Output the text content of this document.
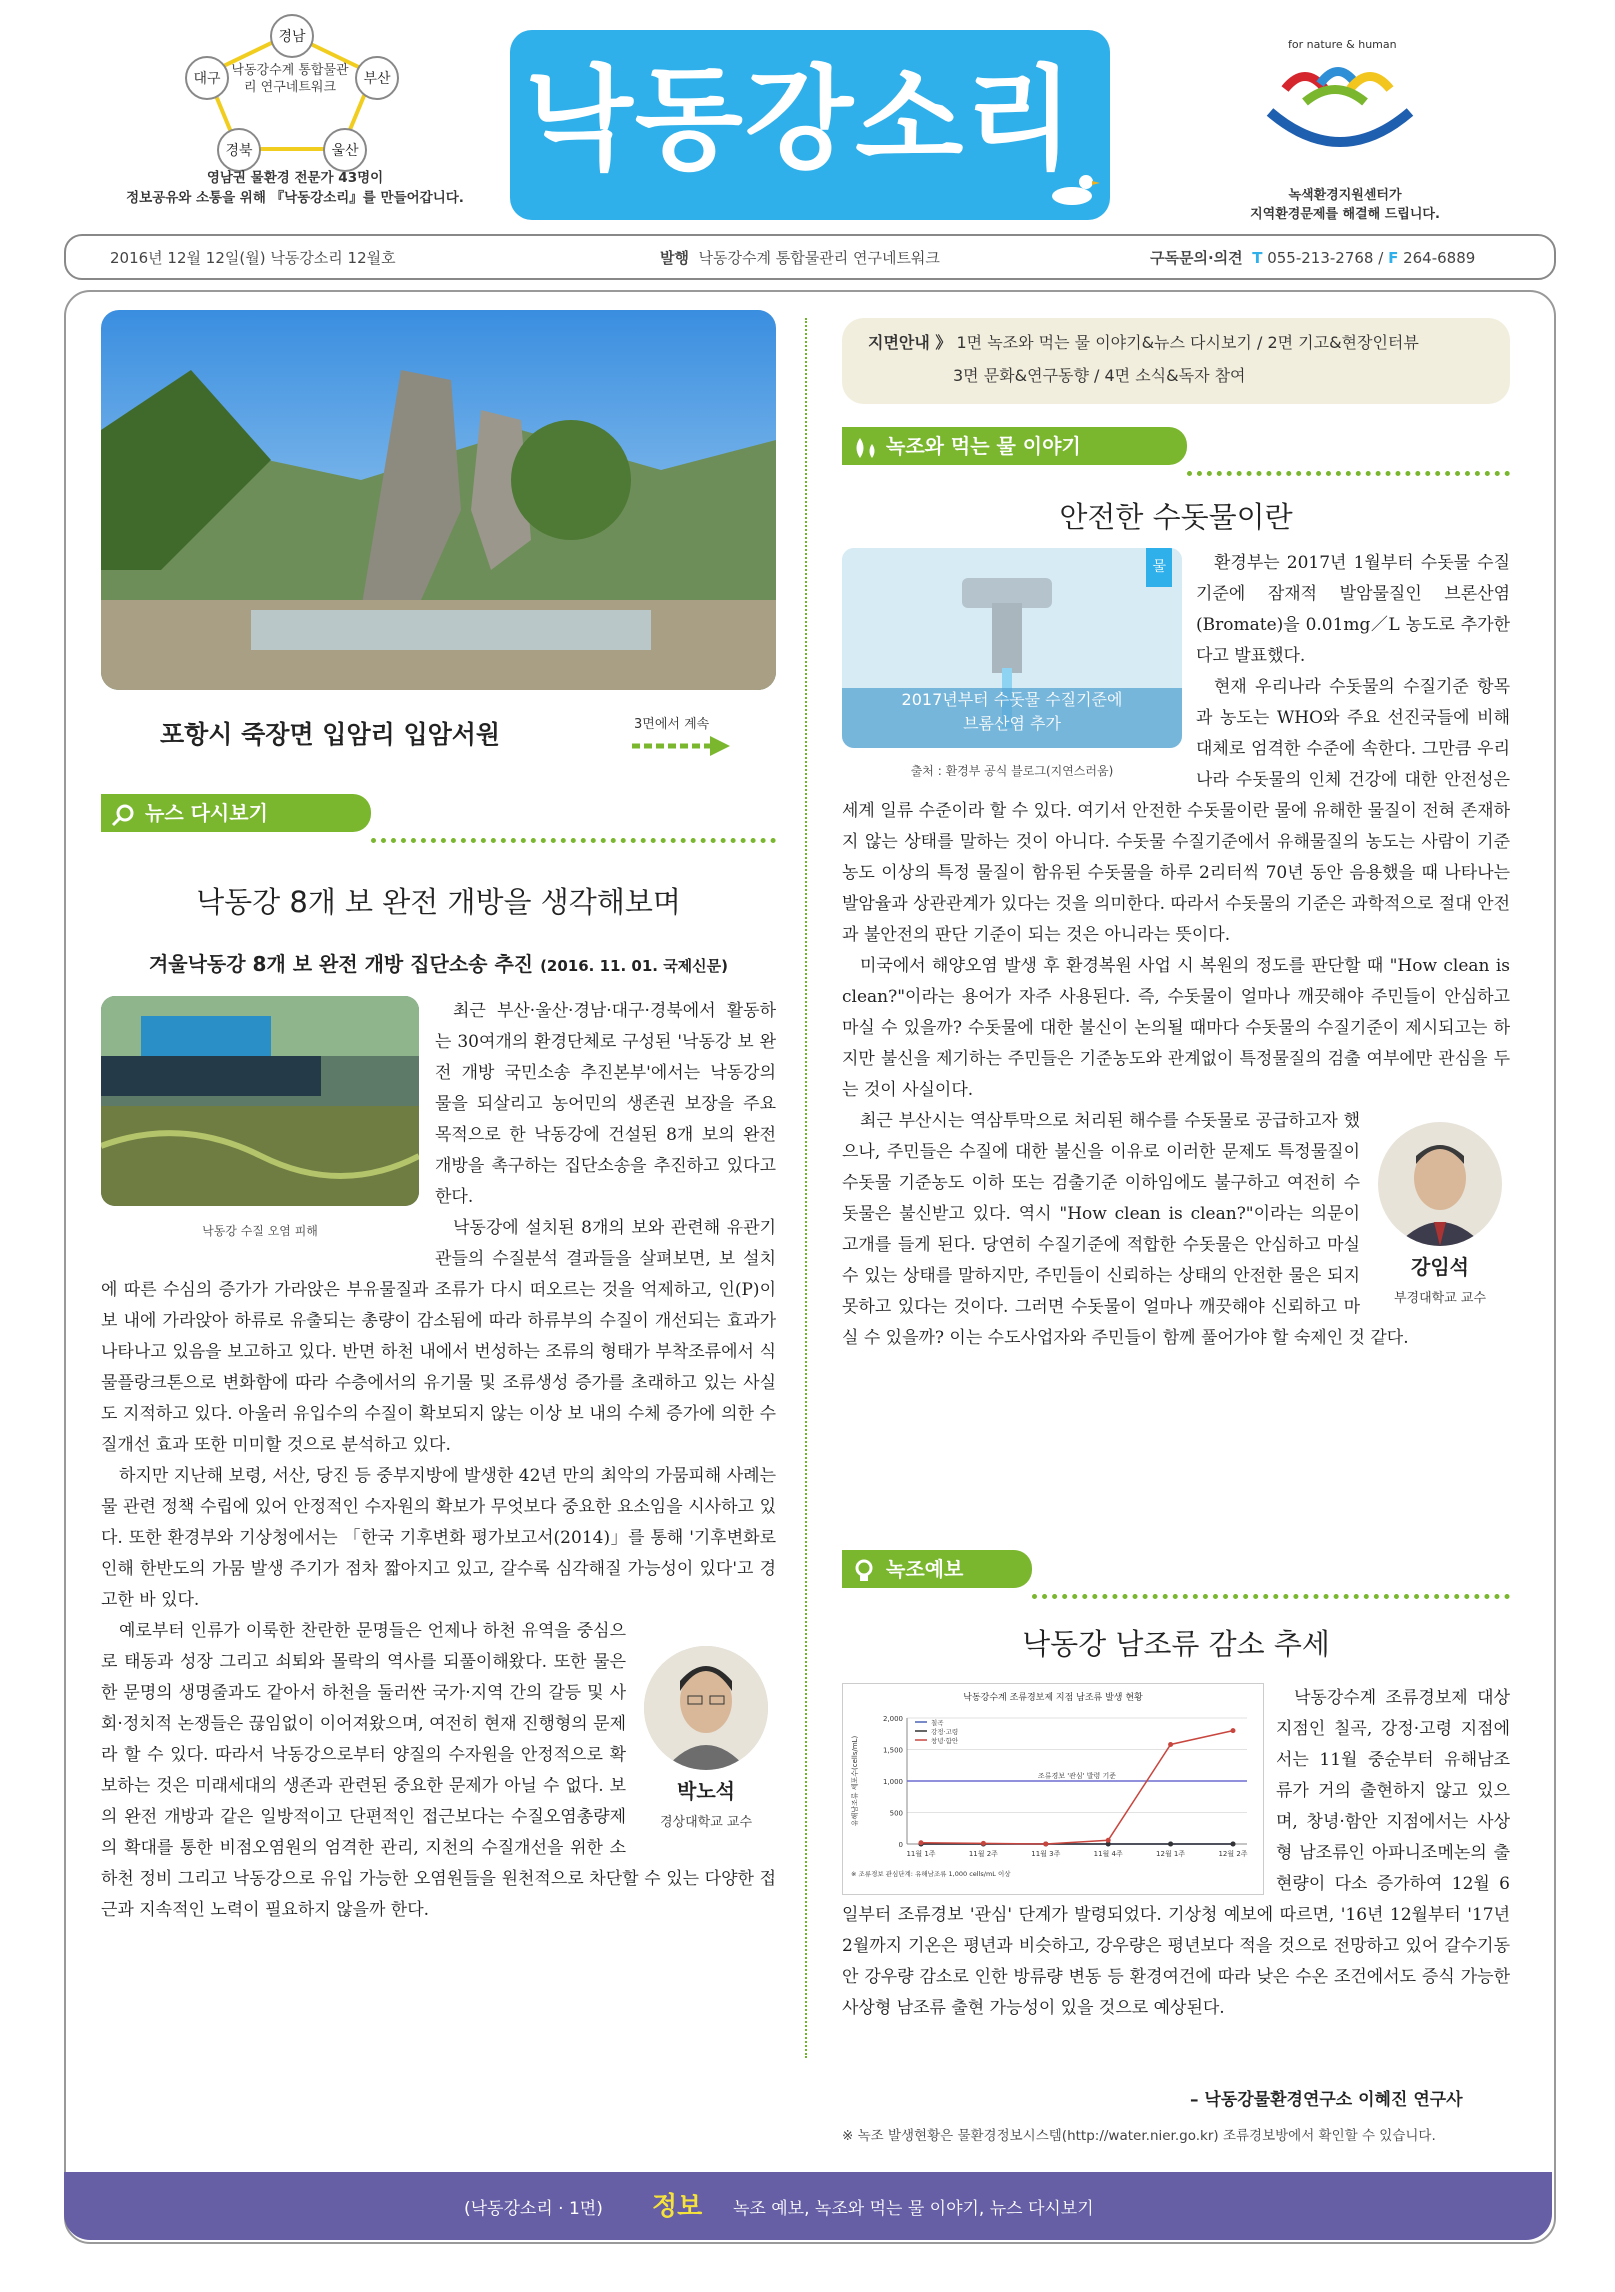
경남
부산
울산
경북
대구
낙동강수계 통합물관리 연구네트워크
영남권 물환경 전문가 43명이
정보공유와 소통을 위해 『낙동강소리』를 만들어갑니다.
낙동강소리
for nature & human
녹색환경지원센터가
지역환경문제를 해결해 드립니다.
2016년 12월 12일(월) 낙동강소리 12월호	발행 낙동강수계 통합물관리 연구네트워크	구독문의·의견 T 055-213-2768 / F 264-6889
포항시 죽장면 입암리 입암서원	3면에서 계속
뉴스 다시보기
낙동강 8개 보 완전 개방을 생각해보며
겨울낙동강 8개 보 완전 개방 집단소송 추진 (2016. 11. 01. 국제신문)
낙동강 수질 오염 피해

최근 부산·울산·경남·대구·경북에서 활동하는 30여개의 환경단체로 구성된 '낙동강 보 완전 개방 국민소송 추진본부'에서는 낙동강의 물을 되살리고 농어민의 생존권 보장을 주요 목적으로 한 낙동강에 건설된 8개 보의 완전 개방을 촉구하는 집단소송을 추진하고 있다고 한다.

낙동강에 설치된 8개의 보와 관련해 유관기관들의 수질분석 결과들을 살펴보면, 보 설치에 따른 수심의 증가가 가라앉은 부유물질과 조류가 다시 떠오르는 것을 억제하고, 인(P)이 보 내에 가라앉아 하류로 유출되는 총량이 감소됨에 따라 하류부의 수질이 개선되는 효과가 나타나고 있음을 보고하고 있다. 반면 하천 내에서 번성하는 조류의 형태가 부착조류에서 식물플랑크톤으로 변화함에 따라 수층에서의 유기물 및 조류생성 증가를 초래하고 있는 사실도 지적하고 있다. 아울러 유입수의 수질이 확보되지 않는 이상 보 내의 수체 증가에 의한 수질개선 효과 또한 미미할 것으로 분석하고 있다.

하지만 지난해 보령, 서산, 당진 등 중부지방에 발생한 42년 만의 최악의 가뭄피해 사례는 물 관련 정책 수립에 있어 안정적인 수자원의 확보가 무엇보다 중요한 요소임을 시사하고 있다. 또한 환경부와 기상청에서는 「한국 기후변화 평가보고서(2014)」를 통해 '기후변화로 인해 한반도의 가뭄 발생 주기가 점차 짧아지고 있고, 갈수록 심각해질 가능성이 있다'고 경고한 바 있다.

박노석
경상대학교 교수

예로부터 인류가 이룩한 찬란한 문명들은 언제나 하천 유역을 중심으로 태동과 성장 그리고 쇠퇴와 몰락의 역사를 되풀이해왔다. 또한 물은 한 문명의 생명줄과도 같아서 하천을 둘러싼 국가·지역 간의 갈등 및 사회·정치적 논쟁들은 끊임없이 이어져왔으며, 여전히 현재 진행형의 문제라 할 수 있다. 따라서 낙동강으로부터 양질의 수자원을 안정적으로 확보하는 것은 미래세대의 생존과 관련된 중요한 문제가 아닐 수 없다. 보의 완전 개방과 같은 일방적이고 단편적인 접근보다는 수질오염총량제의 확대를 통한 비점오염원의 엄격한 관리, 지천의 수질개선을 위한 소하천 정비 그리고 낙동강으로 유입 가능한 오염원들을 원천적으로 차단할 수 있는 다양한 접근과 지속적인 노력이 필요하지 않을까 한다.

지면안내 》 1면 녹조와 먹는 물 이야기&뉴스 다시보기 / 2면 기고&현장인터뷰
3면 문화&연구동향 / 4면 소식&독자 참여
녹조와 먹는 물 이야기
안전한 수돗물이란
물
2017년부터 수돗물 수질기준에
브롬산염 추가
출처 : 환경부 공식 블로그(지연스러움)

환경부는 2017년 1월부터 수돗물 수질기준에 잠재적 발암물질인 브론산염(Bromate)을 0.01mg／L 농도로 추가한다고 발표했다.

현재 우리나라 수돗물의 수질기준 항목과 농도는 WHO와 주요 선진국들에 비해 대체로 엄격한 수준에 속한다. 그만큼 우리나라 수돗물의 인체 건강에 대한 안전성은 세계 일류 수준이라 할 수 있다. 여기서 안전한 수돗물이란 물에 유해한 물질이 전혀 존재하지 않는 상태를 말하는 것이 아니다. 수돗물 수질기준에서 유해물질의 농도는 사람이 기준농도 이상의 특정 물질이 함유된 수돗물을 하루 2리터씩 70년 동안 음용했을 때 나타나는 발암율과 상관관계가 있다는 것을 의미한다. 따라서 수돗물의 기준은 과학적으로 절대 안전과 불안전의 판단 기준이 되는 것은 아니라는 뜻이다.

미국에서 해양오염 발생 후 환경복원 사업 시 복원의 정도를 판단할 때 "How clean is clean?"이라는 용어가 자주 사용된다. 즉, 수돗물이 얼마나 깨끗해야 주민들이 안심하고 마실 수 있을까? 수돗물에 대한 불신이 논의될 때마다 수돗물의 수질기준이 제시되고는 하지만 불신을 제기하는 주민들은 기준농도와 관계없이 특정물질의 검출 여부에만 관심을 두는 것이 사실이다.

강임석
부경대학교 교수

최근 부산시는 역삼투막으로 처리된 해수를 수돗물로 공급하고자 했으나, 주민들은 수질에 대한 불신을 이유로 이러한 문제도 특정물질이 수돗물 기준농도 이하 또는 검출기준 이하임에도 불구하고 여전히 수돗물은 불신받고 있다. 역시 "How clean is clean?"이라는 의문이 고개를 들게 된다. 당연히 수질기준에 적합한 수돗물은 안심하고 마실 수 있는 상태를 말하지만, 주민들이 신뢰하는 상태의 안전한 물은 되지 못하고 있다는 것이다. 그러면 수돗물이 얼마나 깨끗해야 신뢰하고 마실 수 있을까? 이는 수도사업자와 주민들이 함께 풀어가야 할 숙제인 것 같다.

녹조예보
낙동강 남조류 감소 추세
낙동강수계 조류경보제 지점 남조류 발생 현황
유해남조류 세포수(cells/mL)
0
500
1,000
1,500
2,000
조류경보 '관심' 발령 기준
11월 1주	11월 2주	11월 3주	11월 4주	12월 1주	12월 2주
칠곡
강정·고령
창녕·함안
※ 조류경보 관심단계: 유해남조류 1,000 cells/mL 이상

낙동강수계 조류경보제 대상지점인 칠곡, 강정·고령 지점에서는 11월 중순부터 유해남조류가 거의 출현하지 않고 있으며, 창녕·함안 지점에서는 사상형 남조류인 아파니조메논의 출현량이 다소 증가하여 12월 6일부터 조류경보 '관심' 단계가 발령되었다. 기상청 예보에 따르면, '16년 12월부터 '17년 2월까지 기온은 평년과 비슷하고, 강우량은 평년보다 적을 것으로 전망하고 있어 갈수기동안 강우량 감소로 인한 방류량 변동 등 환경여건에 따라 낮은 수온 조건에서도 증식 가능한 사상형 남조류 출현 가능성이 있을 것으로 예상된다.

– 낙동강물환경연구소 이혜진 연구사
※ 녹조 발생현황은 물환경정보시스템(http://water.nier.go.kr) 조류경보방에서 확인할 수 있습니다.
(낙동강소리 · 1면) 정보 녹조 예보, 녹조와 먹는 물 이야기, 뉴스 다시보기
